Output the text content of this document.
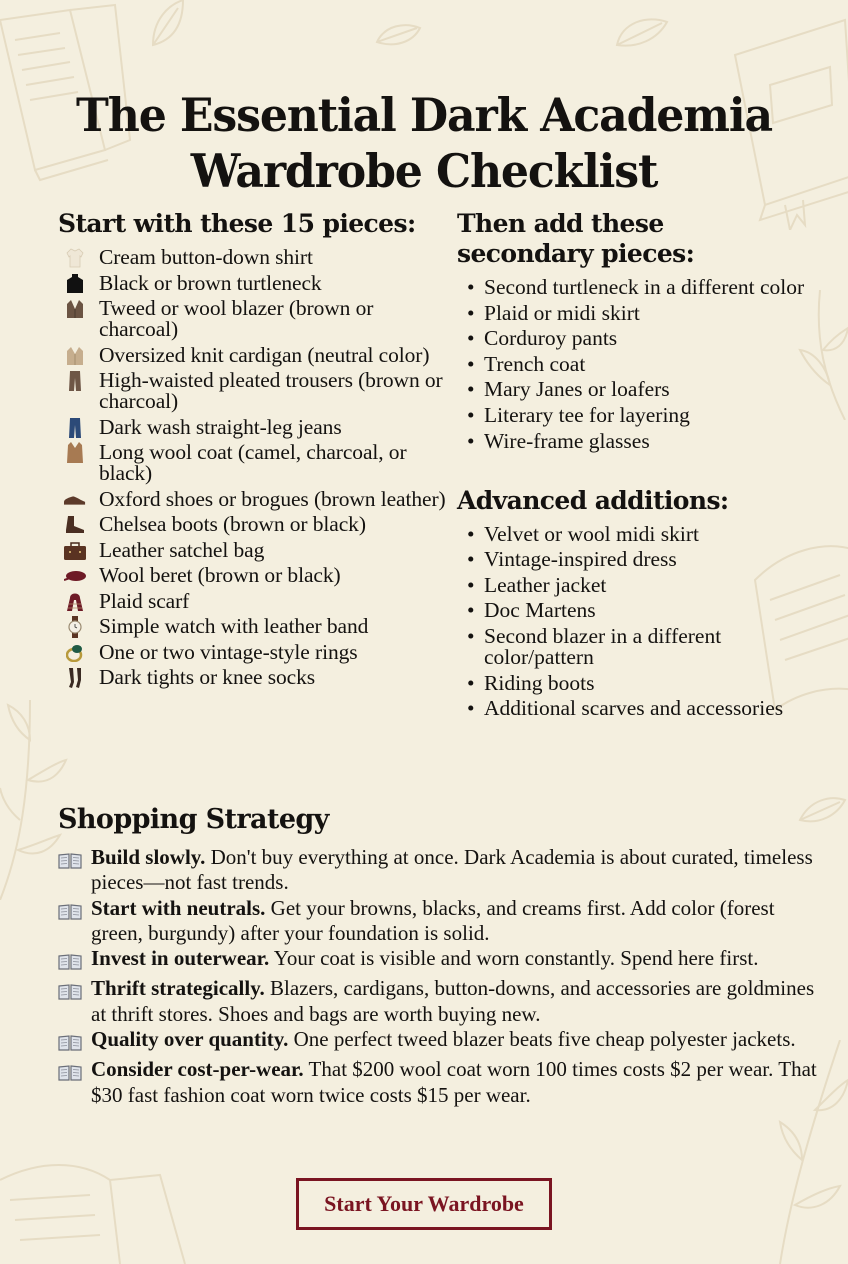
The Essential Dark Academia
Wardrobe Checklist
Start with these 15 pieces:
Cream button-down shirt
Black or brown turtleneck
Tweed or wool blazer (brown or charcoal)
Oversized knit cardigan (neutral color)
High-waisted pleated trousers (brown or charcoal)
Dark wash straight-leg jeans
Long wool coat (camel, charcoal, or black)
Oxford shoes or brogues (brown leather)
Chelsea boots (brown or black)
Leather satchel bag
Wool beret (brown or black)
Plaid scarf
Simple watch with leather band
One or two vintage-style rings
Dark tights or knee socks
Then add these secondary pieces:
• Second turtleneck in a different color
• Plaid or midi skirt
• Corduroy pants
• Trench coat
• Mary Janes or loafers
• Literary tee for layering
• Wire-frame glasses
Advanced additions:
• Velvet or wool midi skirt
• Vintage-inspired dress
• Leather jacket
• Doc Martens
• Second blazer in a different color/pattern
• Riding boots
• Additional scarves and accessories
Shopping Strategy
Build slowly. Don't buy everything at once. Dark Academia is about curated, timeless pieces—not fast trends.
Start with neutrals. Get your browns, blacks, and creams first. Add color (forest green, burgundy) after your foundation is solid.
Invest in outerwear. Your coat is visible and worn constantly. Spend here first.
Thrift strategically. Blazers, cardigans, button-downs, and accessories are goldmines at thrift stores. Shoes and bags are worth buying new.
Quality over quantity. One perfect tweed blazer beats five cheap polyester jackets.
Consider cost-per-wear. That $200 wool coat worn 100 times costs $2 per wear. That $30 fast fashion coat worn twice costs $15 per wear.
Start Your Wardrobe
